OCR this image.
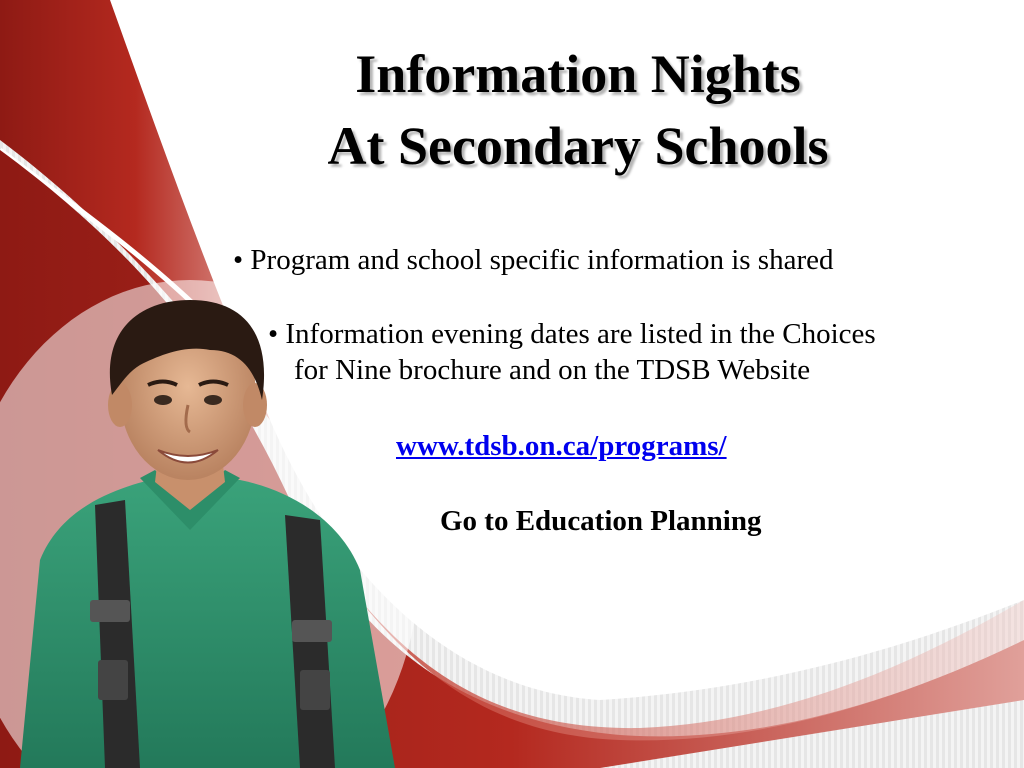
Information Nights
At Secondary Schools

• Program and school specific information is shared

• Information evening dates are listed in the Choices
for Nine brochure and on the TDSB Website

www.tdsb.on.ca/programs/
Go to Education Planning
